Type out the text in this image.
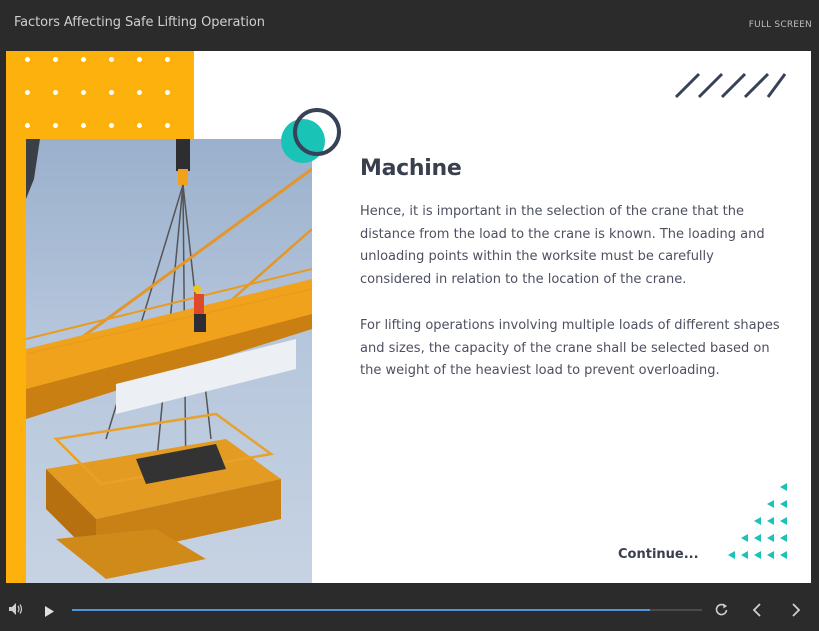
Factors Affecting Safe Lifting Operation	FULL SCREEN
Machine

Hence, it is important in the selection of the crane that the distance from the load to the crane is known. The loading and unloading points within the worksite must be carefully considered in relation to the location of the crane.

For lifting operations involving multiple loads of different shapes and sizes, the capacity of the crane shall be selected based on the weight of the heaviest load to prevent overloading.

Continue...
